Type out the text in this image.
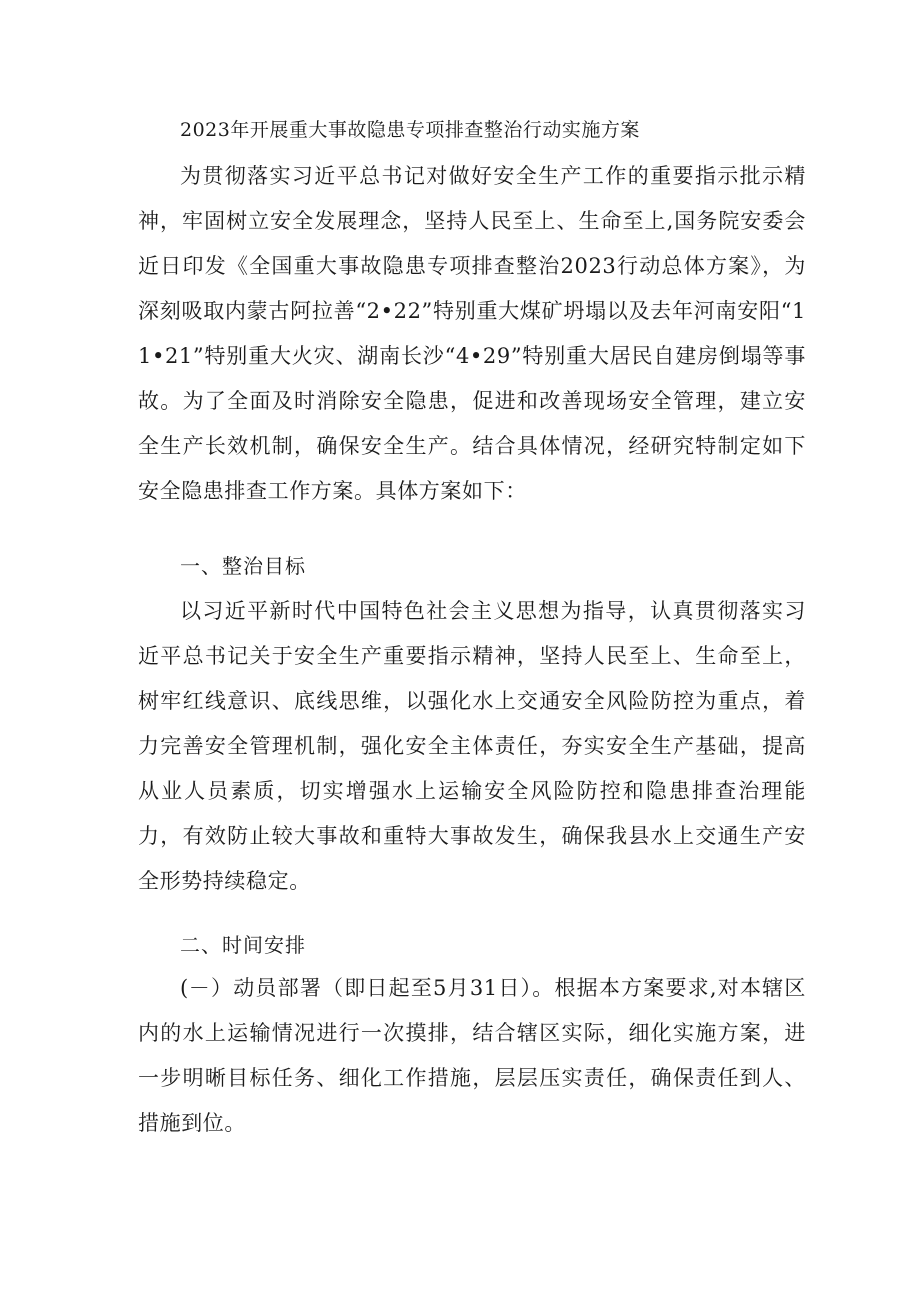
2023年开展重大事故隐患专项排查整治行动实施方案

为贯彻落实习近平总书记对做好安全生产工作的重要指示批示精神，牢固树立安全发展理念，坚持人民至上、生命至上,国务院安委会近日印发《全国重大事故隐患专项排查整治2023行动总体方案》，为深刻吸取内蒙古阿拉善“2•22”特别重大煤矿坍塌以及去年河南安阳“11•21”特别重大火灾、湖南长沙“4•29”特别重大居民自建房倒塌等事故。为了全面及时消除安全隐患，促进和改善现场安全管理，建立安全生产长效机制，确保安全生产。结合具体情况，经研究特制定如下安全隐患排查工作方案。具体方案如下：

一、整治目标

以习近平新时代中国特色社会主义思想为指导，认真贯彻落实习近平总书记关于安全生产重要指示精神，坚持人民至上、生命至上，树牢红线意识、底线思维，以强化水上交通安全风险防控为重点，着力完善安全管理机制，强化安全主体责任，夯实安全生产基础，提高从业人员素质，切实增强水上运输安全风险防控和隐患排查治理能力，有效防止较大事故和重特大事故发生，确保我县水上交通生产安全形势持续稳定。

二、时间安排

(－）动员部署（即日起至5月31日）。根据本方案要求,对本辖区内的水上运输情况进行一次摸排，结合辖区实际，细化实施方案，进一步明晰目标任务、细化工作措施，层层压实责任，确保责任到人、措施到位。
